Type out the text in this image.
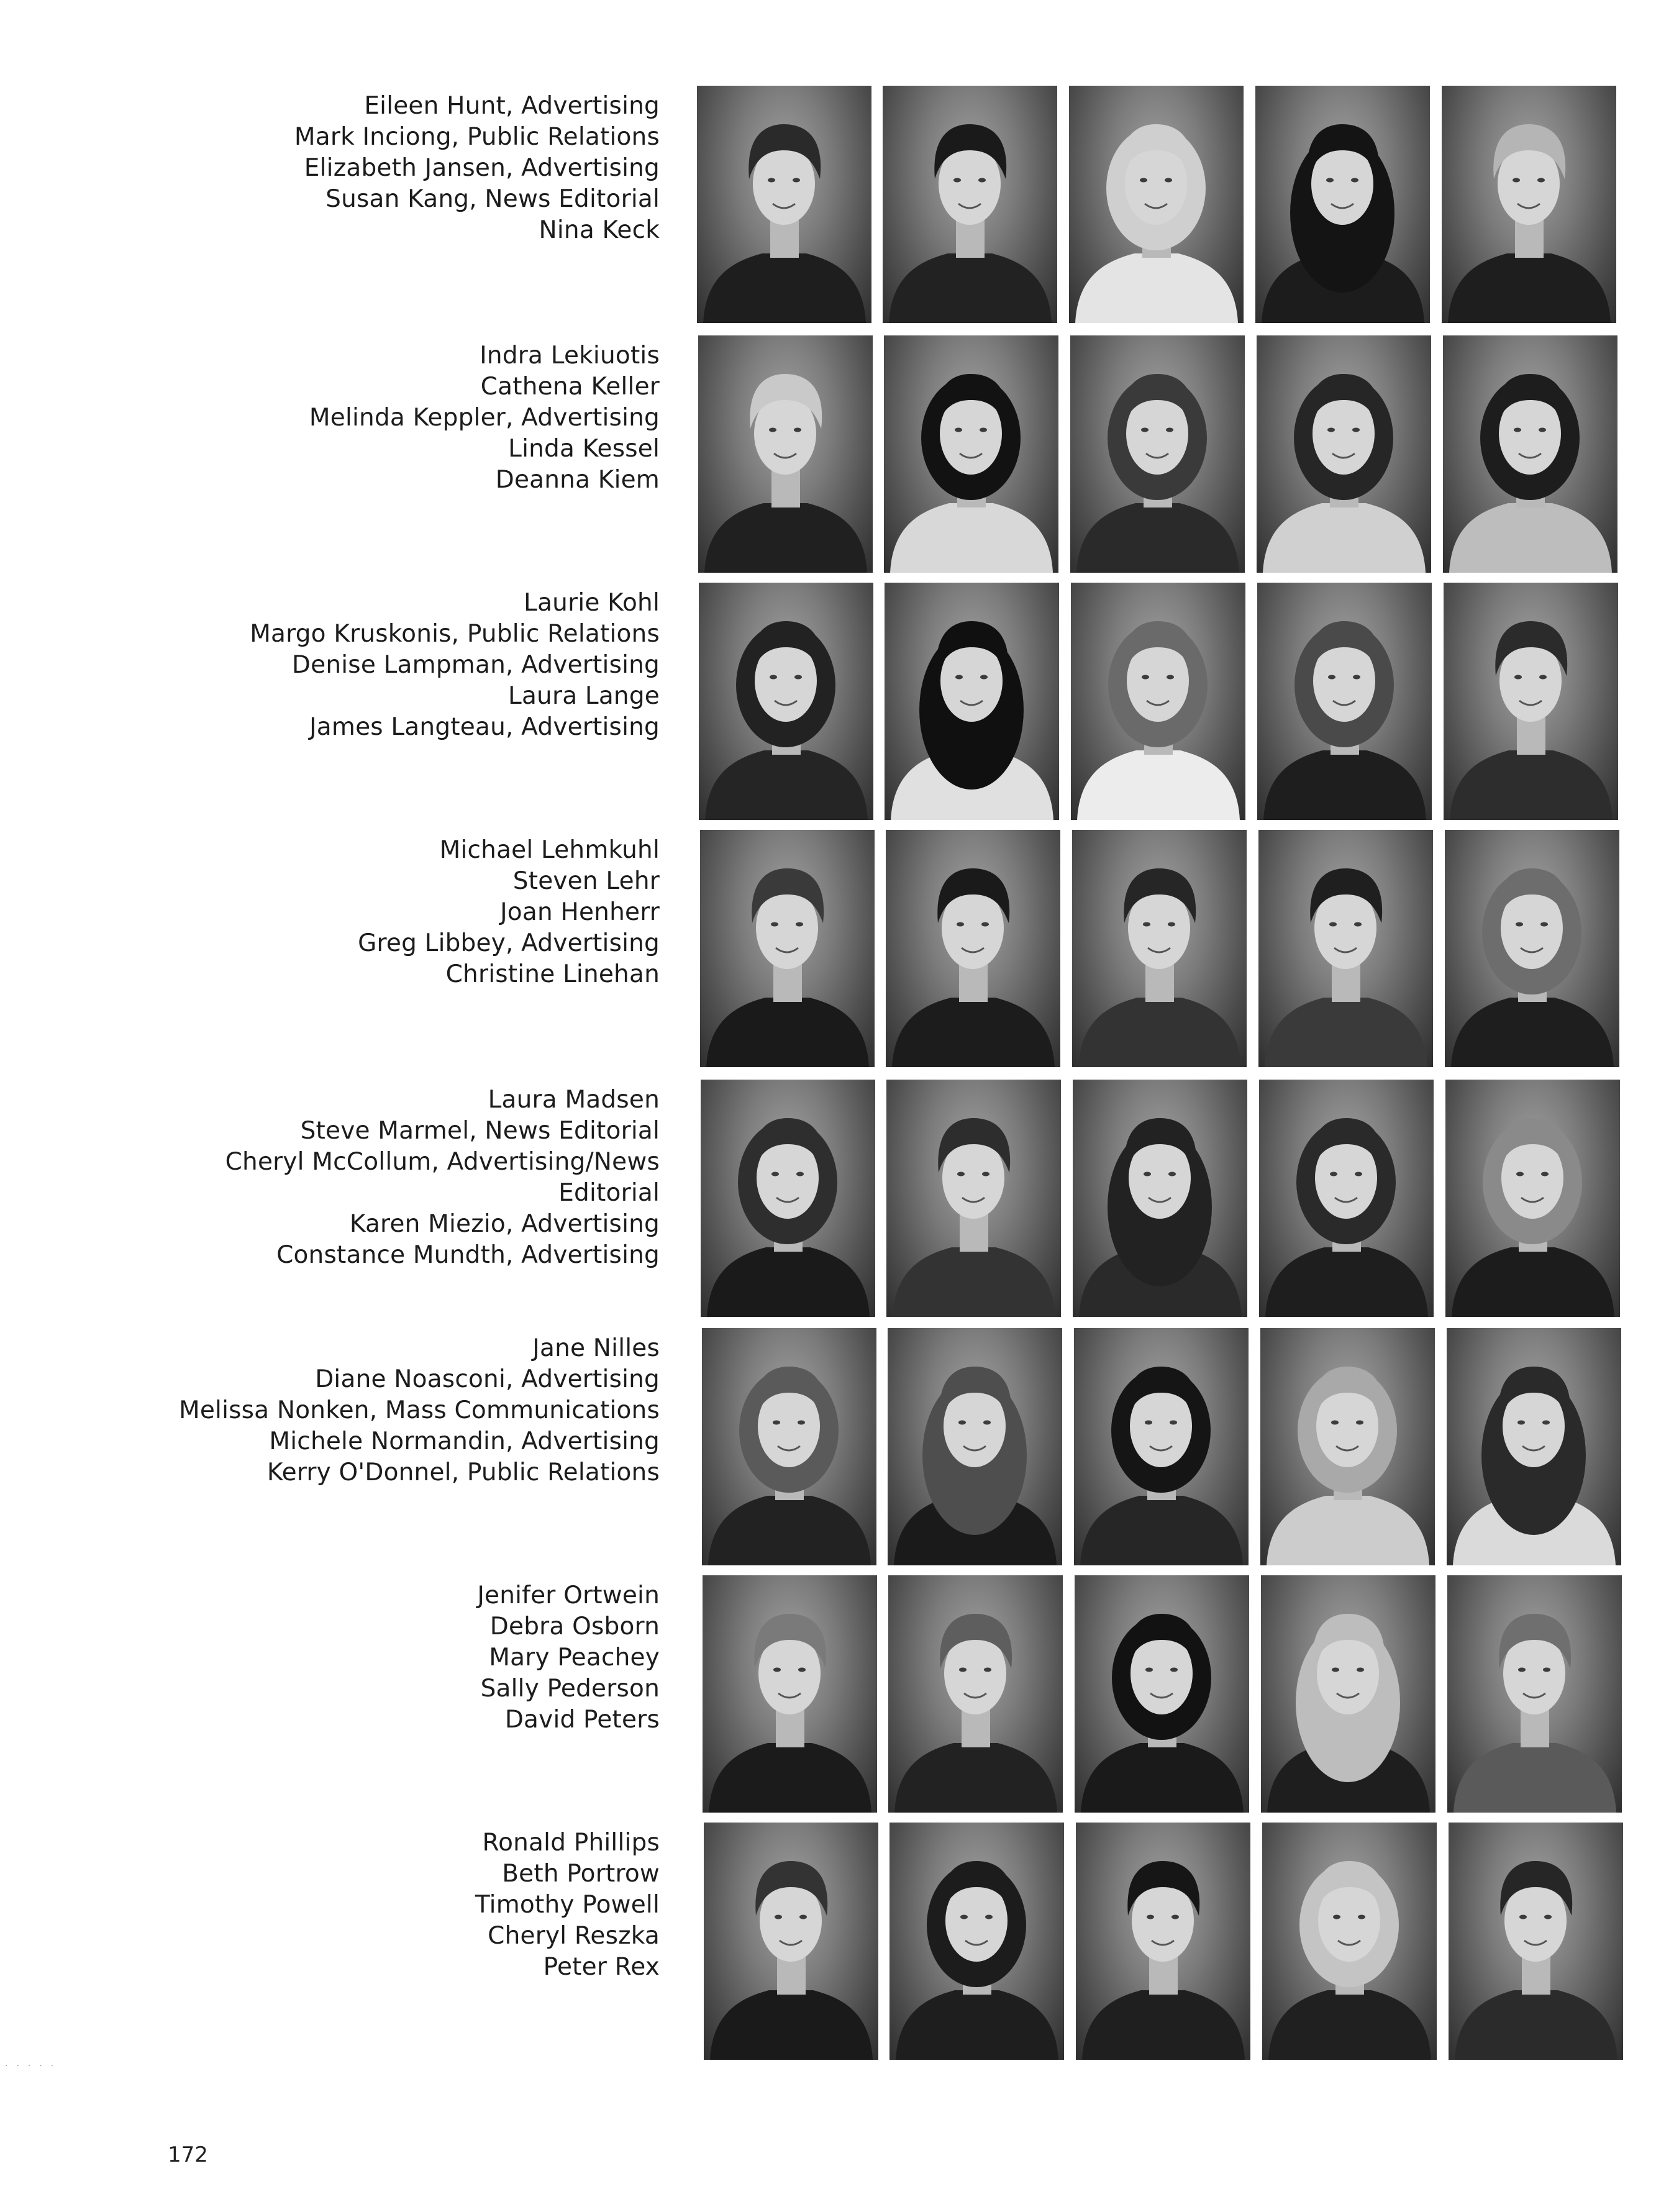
Eileen Hunt, Advertising
Mark Inciong, Public Relations
Elizabeth Jansen, Advertising
Susan Kang, News Editorial
Nina Keck
Indra Lekiuotis
Cathena Keller
Melinda Keppler, Advertising
Linda Kessel
Deanna Kiem
Laurie Kohl
Margo Kruskonis, Public Relations
Denise Lampman, Advertising
Laura Lange
James Langteau, Advertising
Michael Lehmkuhl
Steven Lehr
Joan Henherr
Greg Libbey, Advertising
Christine Linehan
Laura Madsen
Steve Marmel, News Editorial
Cheryl McCollum, Advertising/News
Editorial
Karen Miezio, Advertising
Constance Mundth, Advertising
Jane Nilles
Diane Noasconi, Advertising
Melissa Nonken, Mass Communications
Michele Normandin, Advertising
Kerry O'Donnel, Public Relations
Jenifer Ortwein
Debra Osborn
Mary Peachey
Sally Pederson
David Peters
Ronald Phillips
Beth Portrow
Timothy Powell
Cheryl Reszka
Peter Rex
172
·····
